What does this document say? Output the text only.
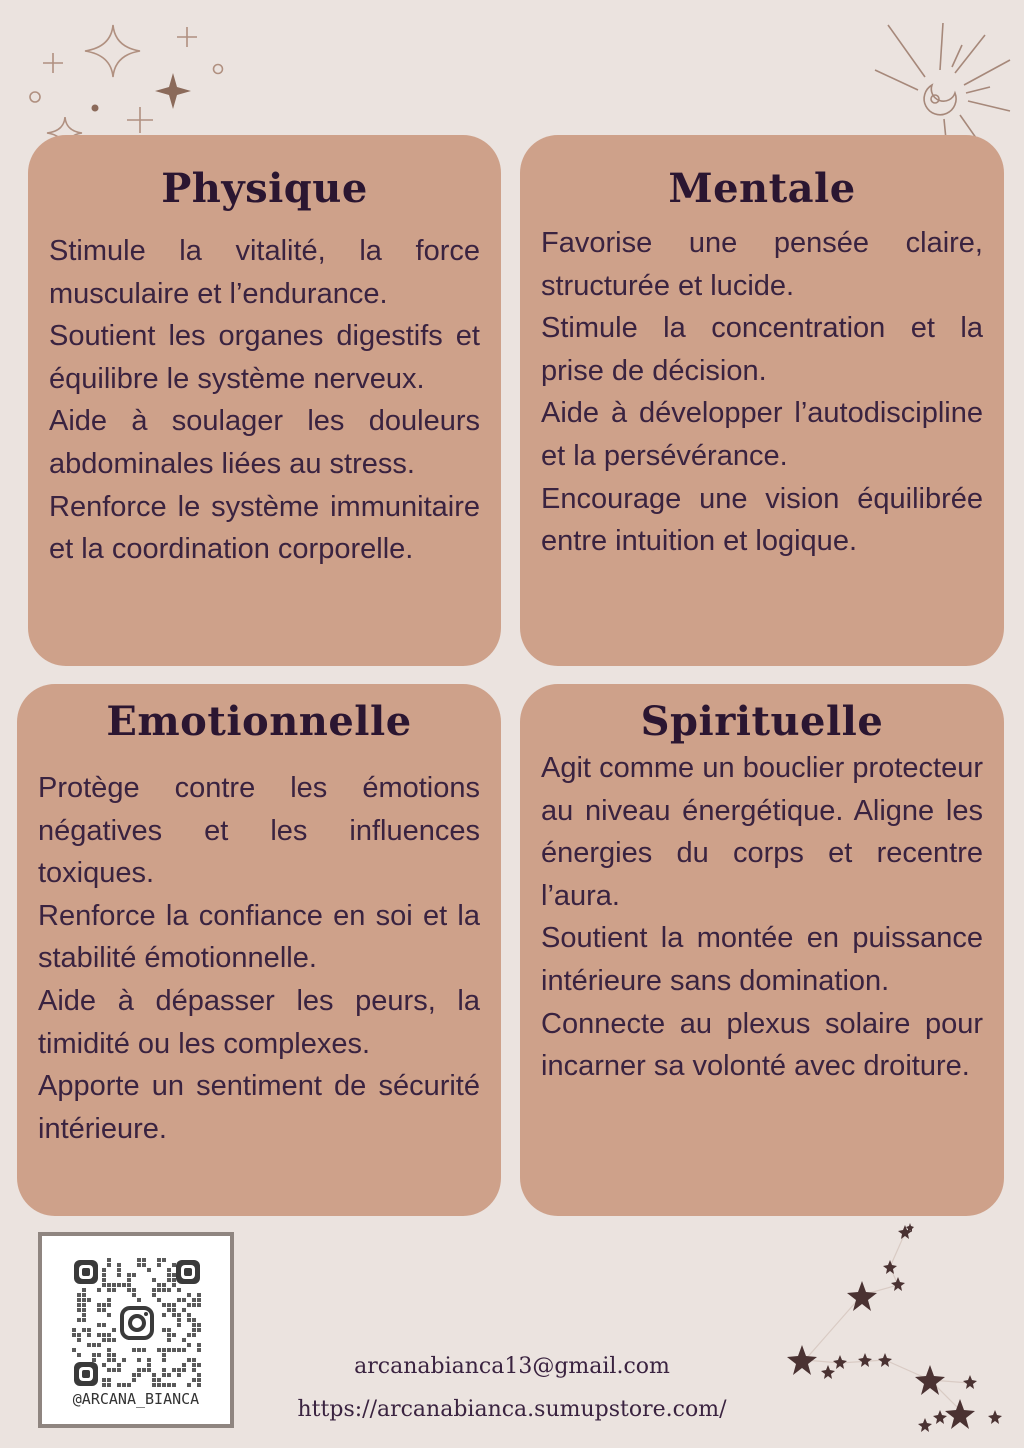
Physique

Stimule la vitalité, la force musculaire et l’endurance.

Soutient les organes digestifs et équilibre le système nerveux.

Aide à soulager les douleurs abdominales liées au stress.

Renforce le système immunitaire et la coordination corporelle.

Mentale

Favorise une pensée claire, structurée et lucide.

Stimule la concentration et la prise de décision.

Aide à développer l’autodiscipline et la persévérance.

Encourage une vision équilibrée entre intuition et logique.

Emotionnelle

Protège contre les émotions négatives et les influences toxiques.

Renforce la confiance en soi et la stabilité émotionnelle.

Aide à dépasser les peurs, la timidité ou les complexes.

Apporte un sentiment de sécurité intérieure.

Spirituelle

Agit comme un bouclier protecteur au niveau énergétique. Aligne les énergies du corps et recentre l’aura.

Soutient la montée en puissance intérieure sans domination.

Connecte au plexus solaire pour incarner sa volonté avec droiture.

@ARCANA_BIANCA
arcanabianca13@gmail.com
https://arcanabianca.sumupstore.com/
